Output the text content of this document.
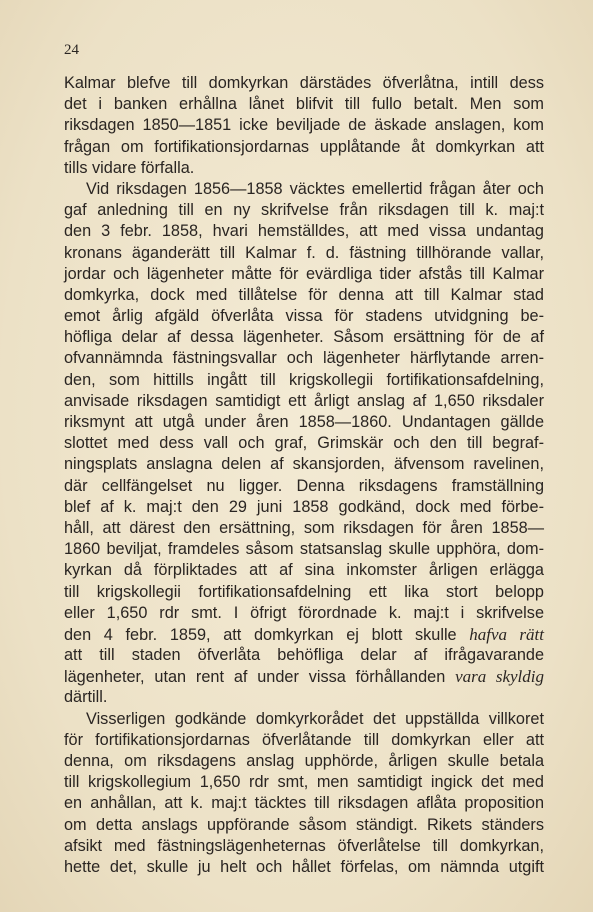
24
Kalmar blefve till domkyrkan därstädes öfverlåtna, intill dess
det i banken erhållna lånet blifvit till fullo betalt. Men som
riksdagen 1850—1851 icke beviljade de äskade anslagen, kom
frågan om fortifikationsjordarnas upplåtande åt domkyrkan att
tills vidare förfalla.
Vid riksdagen 1856—1858 väcktes emellertid frågan åter och
gaf anledning till en ny skrifvelse från riksdagen till k. maj:t
den 3 febr. 1858, hvari hemställdes, att med vissa undantag
kronans äganderätt till Kalmar f. d. fästning tillhörande vallar,
jordar och lägenheter måtte för evärdliga tider afstås till Kalmar
domkyrka, dock med tillåtelse för denna att till Kalmar stad
emot årlig afgäld öfverlåta vissa för stadens utvidgning be-
höfliga delar af dessa lägenheter. Såsom ersättning för de af
ofvannämnda fästningsvallar och lägenheter härflytande arren-
den, som hittills ingått till krigskollegii fortifikationsafdelning,
anvisade riksdagen samtidigt ett årligt anslag af 1,650 riksdaler
riksmynt att utgå under åren 1858—1860. Undantagen gällde
slottet med dess vall och graf, Grimskär och den till begraf-
ningsplats anslagna delen af skansjorden, äfvensom ravelinen,
där cellfängelset nu ligger. Denna riksdagens framställning
blef af k. maj:t den 29 juni 1858 godkänd, dock med förbe-
håll, att därest den ersättning, som riksdagen för åren 1858—
1860 beviljat, framdeles såsom statsanslag skulle upphöra, dom-
kyrkan då förpliktades att af sina inkomster årligen erlägga
till krigskollegii fortifikationsafdelning ett lika stort belopp
eller 1,650 rdr smt. I öfrigt förordnade k. maj:t i skrifvelse
den 4 febr. 1859, att domkyrkan ej blott skulle hafva rätt
att till staden öfverlåta behöfliga delar af ifrågavarande
lägenheter, utan rent af under vissa förhållanden vara skyldig
därtill.
Visserligen godkände domkyrkorådet det uppställda villkoret
för fortifikationsjordarnas öfverlåtande till domkyrkan eller att
denna, om riksdagens anslag upphörde, årligen skulle betala
till krigskollegium 1,650 rdr smt, men samtidigt ingick det med
en anhållan, att k. maj:t täcktes till riksdagen aflåta proposition
om detta anslags uppförande såsom ständigt. Rikets ständers
afsikt med fästningslägenheternas öfverlåtelse till domkyrkan,
hette det, skulle ju helt och hållet förfelas, om nämnda utgift
